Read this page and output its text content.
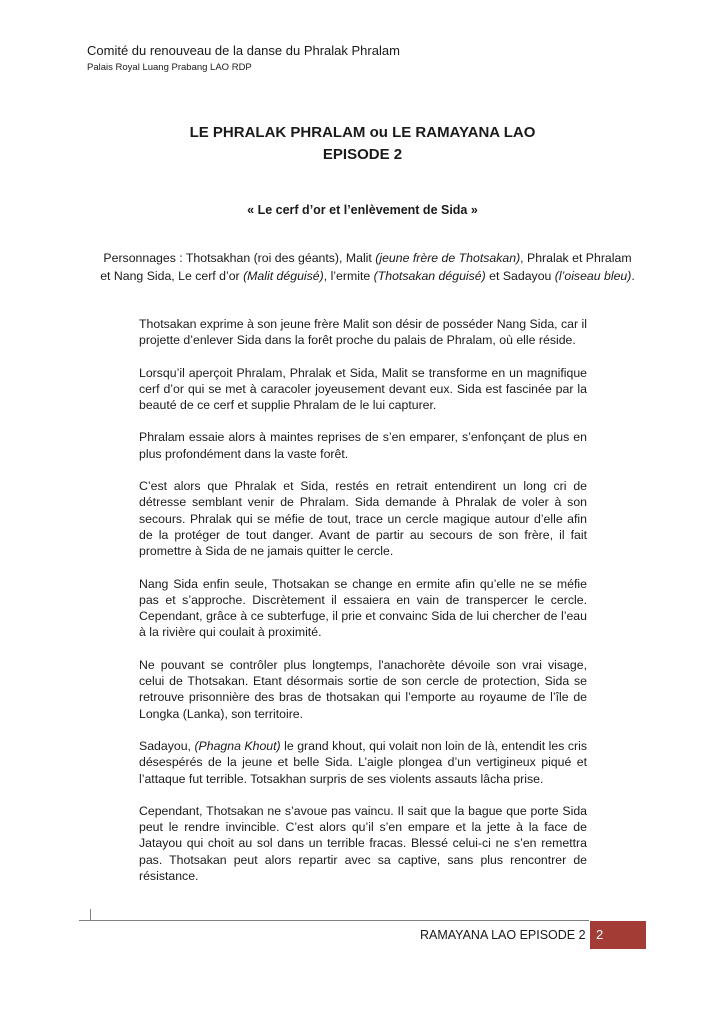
Comité du renouveau de la danse du Phralak Phralam
Palais Royal Luang Prabang LAO RDP
LE PHRALAK PHRALAM ou LE RAMAYANA LAO
EPISODE 2
« Le cerf d’or et l’enlèvement de Sida »
Personnages : Thotsakhan (roi des géants), Malit (jeune frère de Thotsakan), Phralak et Phralam et Nang Sida, Le cerf d’or (Malit déguisé), l’ermite (Thotsakan déguisé) et Sadayou (l’oiseau bleu).

Thotsakan exprime à son jeune frère Malit son désir de posséder Nang Sida, car il projette d’enlever Sida dans la forêt proche du palais de Phralam, où elle réside.

Lorsqu’il aperçoit Phralam, Phralak et Sida, Malit se transforme en un magnifique cerf d’or qui se met à caracoler joyeusement devant eux. Sida est fascinée par la beauté de ce cerf et supplie Phralam de le lui capturer.

Phralam essaie alors à maintes reprises de s’en emparer, s’enfonçant de plus en plus profondément dans la vaste forêt.

C’est alors que Phralak et Sida, restés en retrait entendirent un long cri de détresse semblant venir de Phralam. Sida demande à Phralak de voler à son secours. Phralak qui se méfie de tout, trace un cercle magique autour d’elle afin de la protéger de tout danger. Avant de partir au secours de son frère, il fait promettre à Sida de ne jamais quitter le cercle.

Nang Sida enfin seule, Thotsakan se change en ermite afin qu’elle ne se méfie pas et s’approche. Discrètement il essaiera en vain de transpercer le cercle. Cependant, grâce à ce subterfuge, il prie et convainc Sida de lui chercher de l’eau à la rivière qui coulait à proximité.

Ne pouvant se contrôler plus longtemps, l'anachorète dévoile son vrai visage, celui de Thotsakan. Etant désormais sortie de son cercle de protection, Sida se retrouve prisonnière des bras de thotsakan qui l’emporte au royaume de l’île de Longka (Lanka), son territoire.

Sadayou, (Phagna Khout) le grand khout, qui volait non loin de là, entendit les cris désespérés de la jeune et belle Sida. L’aigle plongea d’un vertigineux piqué et l’attaque fut terrible. Totsakhan surpris de ses violents assauts lâcha prise.

Cependant, Thotsakan ne s’avoue pas vaincu. Il sait que la bague que porte Sida peut le rendre invincible. C’est alors qu’il s’en empare et la jette à la face de Jatayou qui choit au sol dans un terrible fracas. Blessé celui-ci ne s’en remettra pas. Thotsakan peut alors repartir avec sa captive, sans plus rencontrer de résistance.

RAMAYANA LAO EPISODE 2 2
